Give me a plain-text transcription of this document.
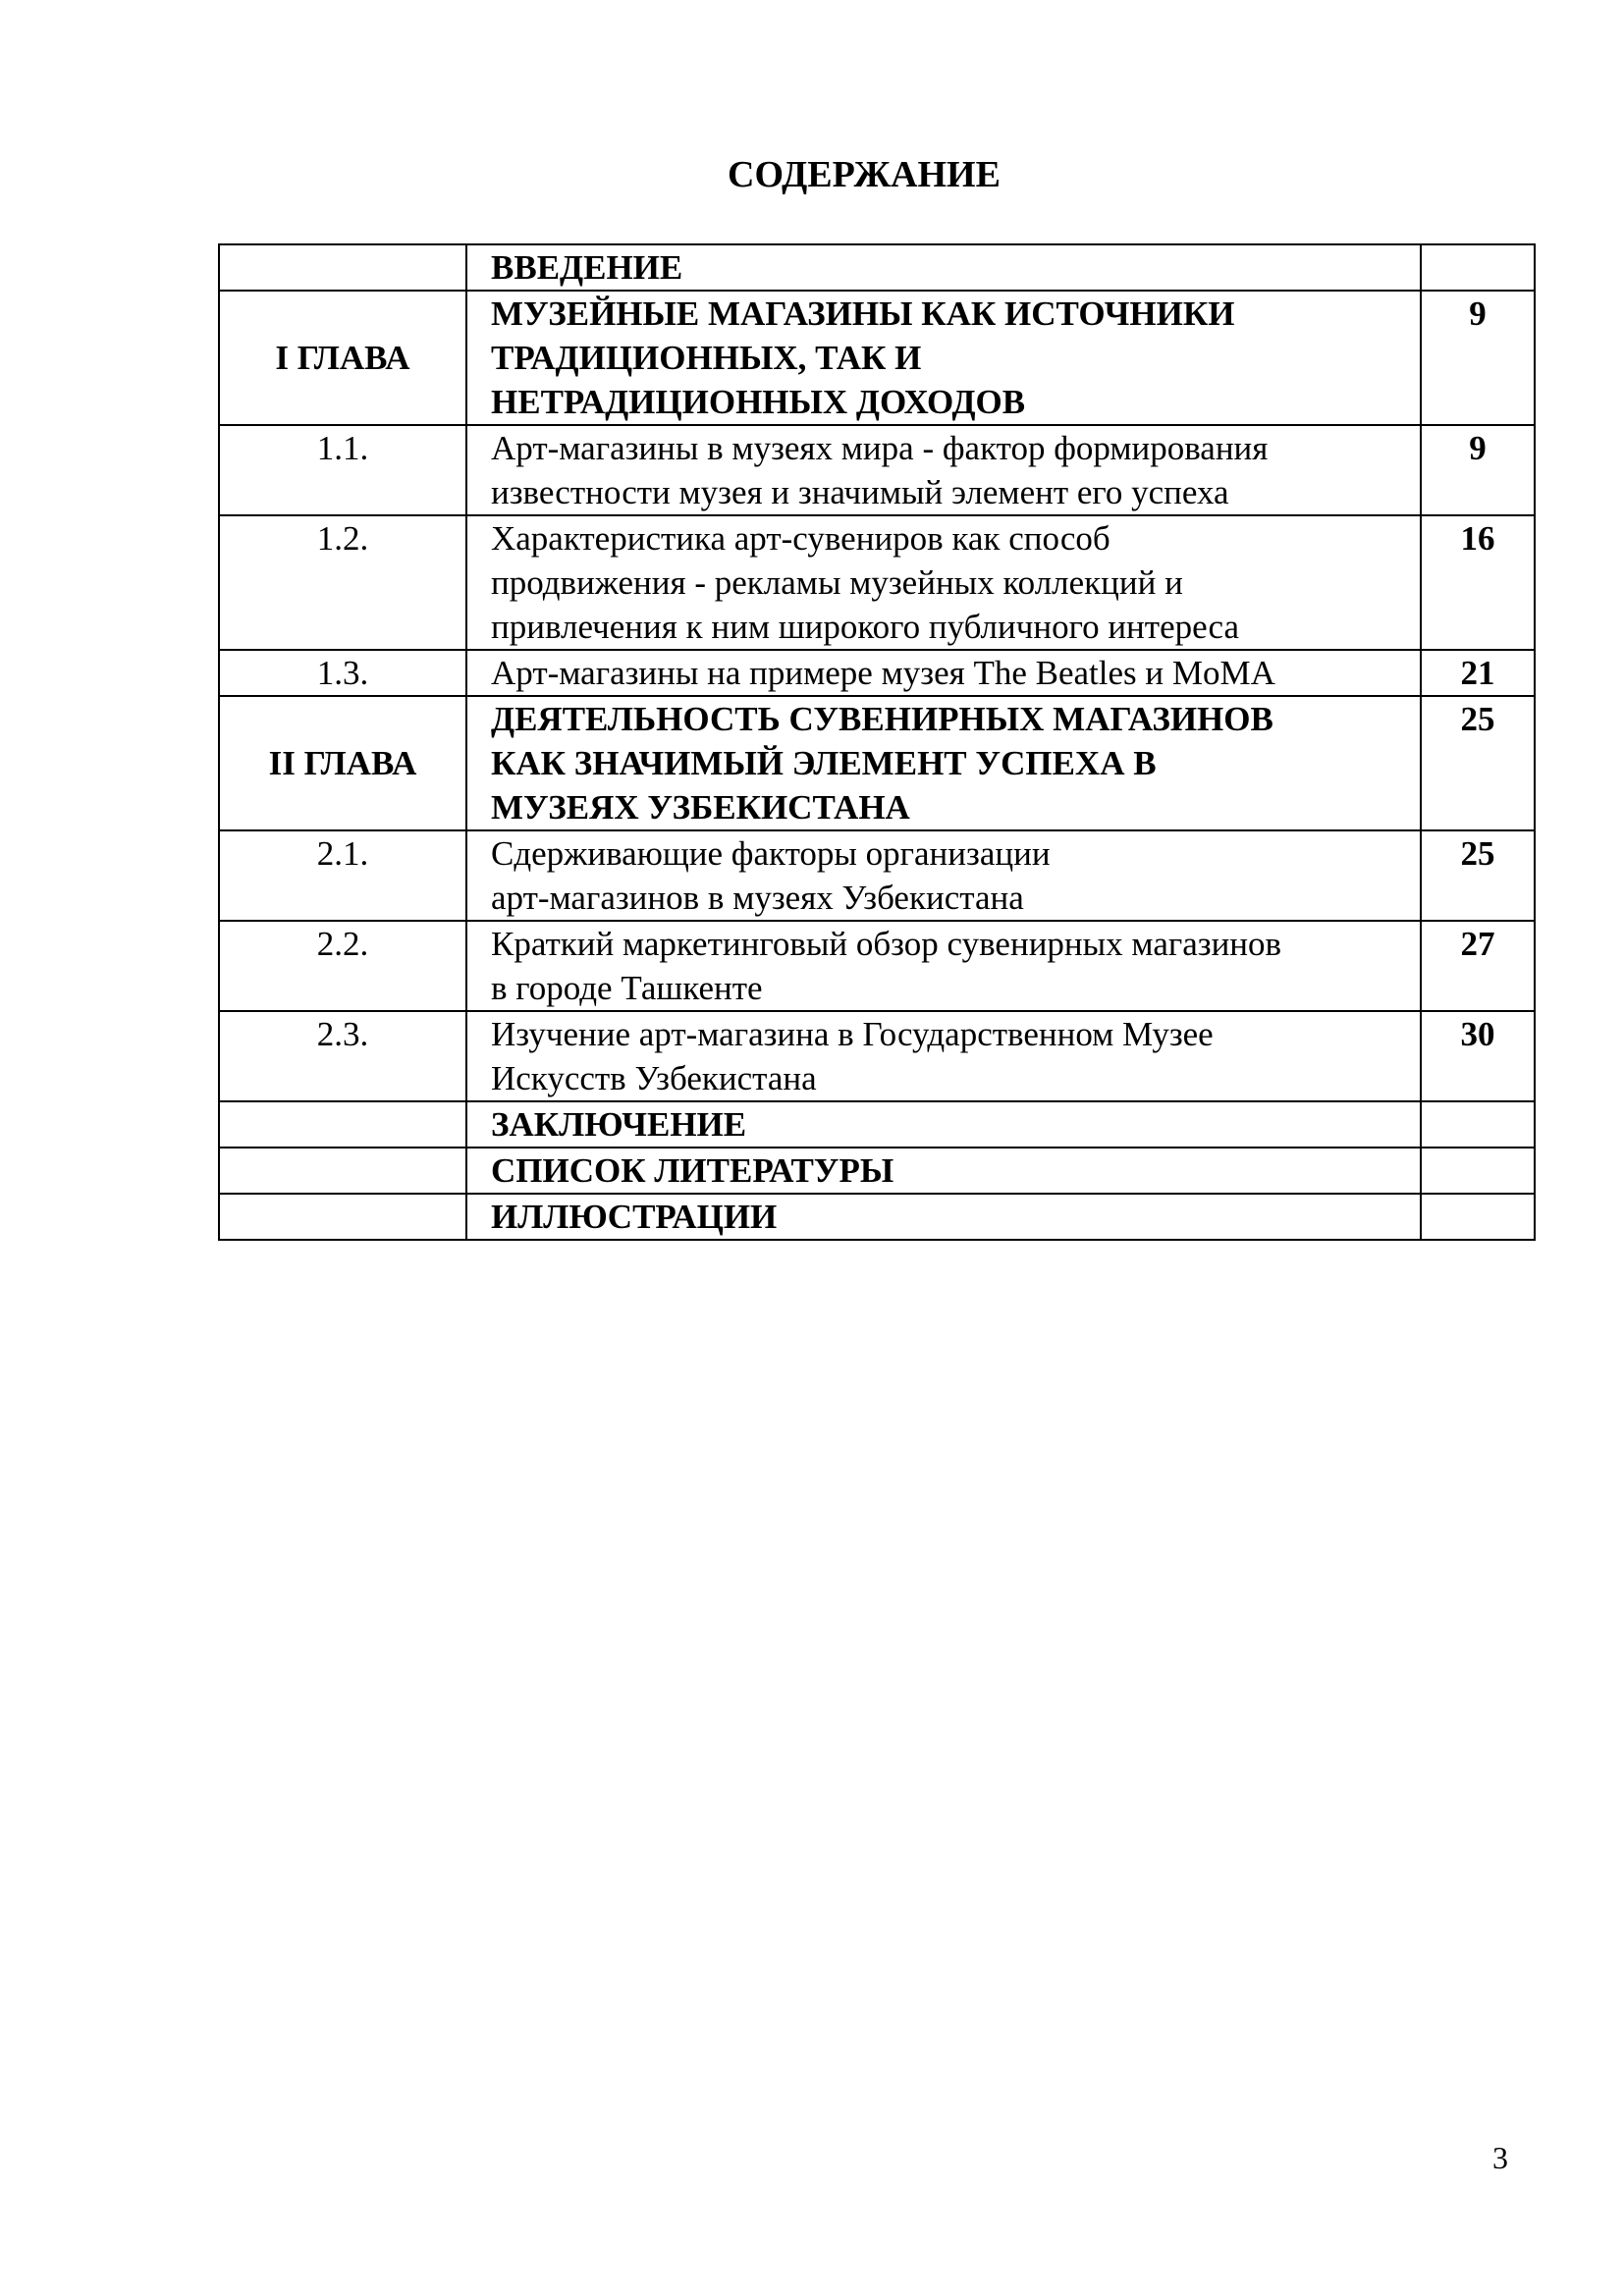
СОДЕРЖАНИЕ

	ВВЕДЕНИЕ	

I ГЛАВА	МУЗЕЙНЫЕ МАГАЗИНЫ КАК ИСТОЧНИКИ
ТРАДИЦИОННЫХ, ТАК И
НЕТРАДИЦИОННЫХ ДОХОДОВ	9
1.1.	Арт-магазины в музеях мира - фактор формирования
известности музея и значимый элемент его успеха	9
1.2.	Характеристика арт-сувениров как способ
продвижения - рекламы музейных коллекций и
привлечения к ним широкого публичного интереса	16
1.3.	Арт-магазины на примере музея The Beatles и MoMA	21
II ГЛАВА	ДЕЯТЕЛЬНОСТЬ СУВЕНИРНЫХ МАГАЗИНОВ
КАК ЗНАЧИМЫЙ ЭЛЕМЕНТ УСПЕХА В
МУЗЕЯХ УЗБЕКИСТАНА	25
2.1.	Сдерживающие факторы организации
арт-магазинов в музеях Узбекистана	25
2.2.	Краткий маркетинговый обзор сувенирных магазинов
в городе Ташкенте	27
2.3.	Изучение арт-магазина в Государственном Музее
Искусств Узбекистана	30

	ЗАКЛЮЧЕНИЕ	

	СПИСОК ЛИТЕРАТУРЫ	

	ИЛЛЮСТРАЦИИ	

3
